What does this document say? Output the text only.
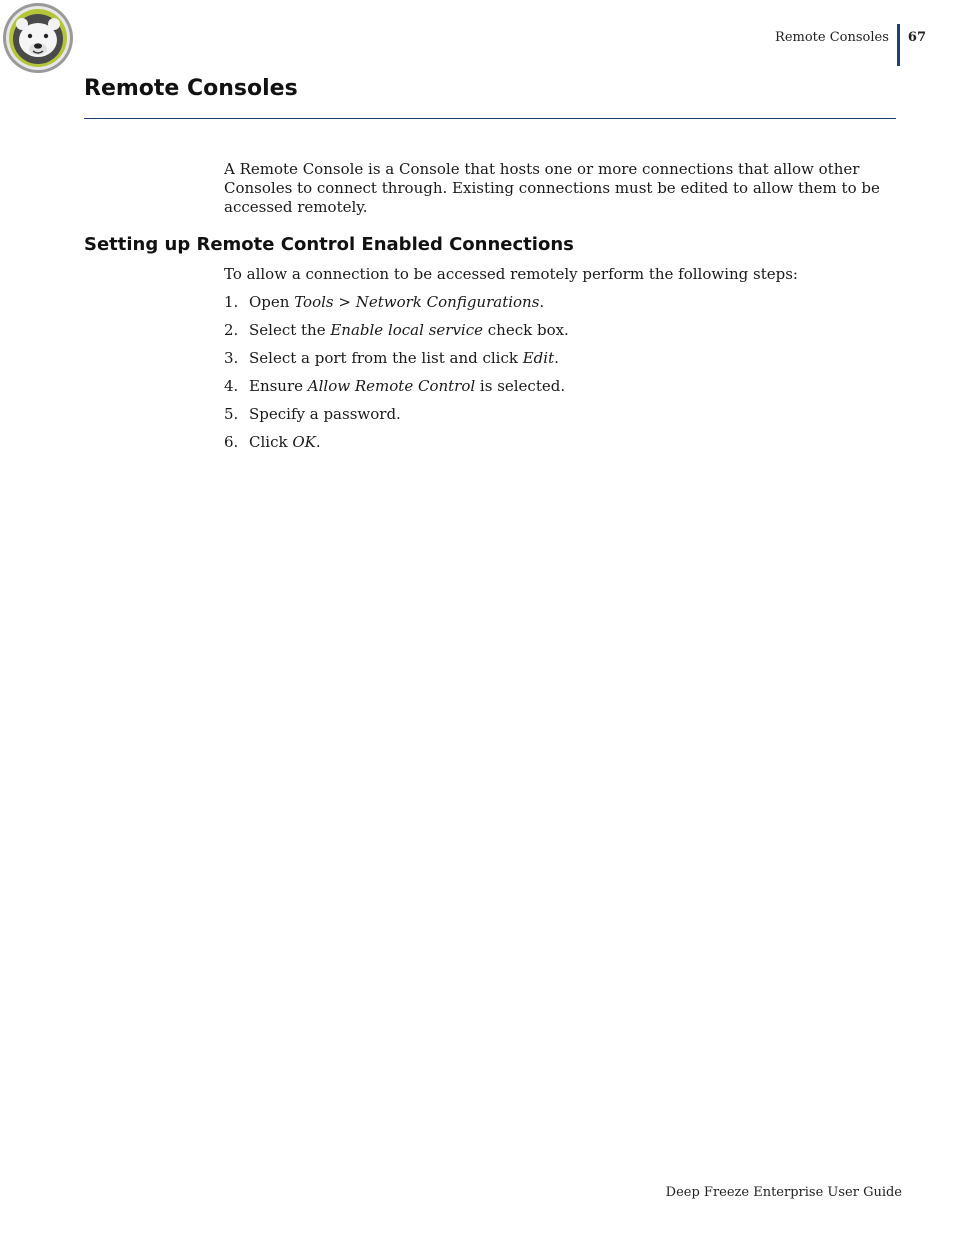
Remote Consoles	67
Remote Consoles

A Remote Console is a Console that hosts one or more connections that allow other Consoles to connect through. Existing connections must be edited to allow them to be accessed remotely.

Setting up Remote Control Enabled Connections

To allow a connection to be accessed remotely perform the following steps:

1. Open Tools > Network Configurations.
2. Select the Enable local service check box.
3. Select a port from the list and click Edit.
4. Ensure Allow Remote Control is selected.
5. Specify a password.
6. Click OK.
Deep Freeze Enterprise User Guide
